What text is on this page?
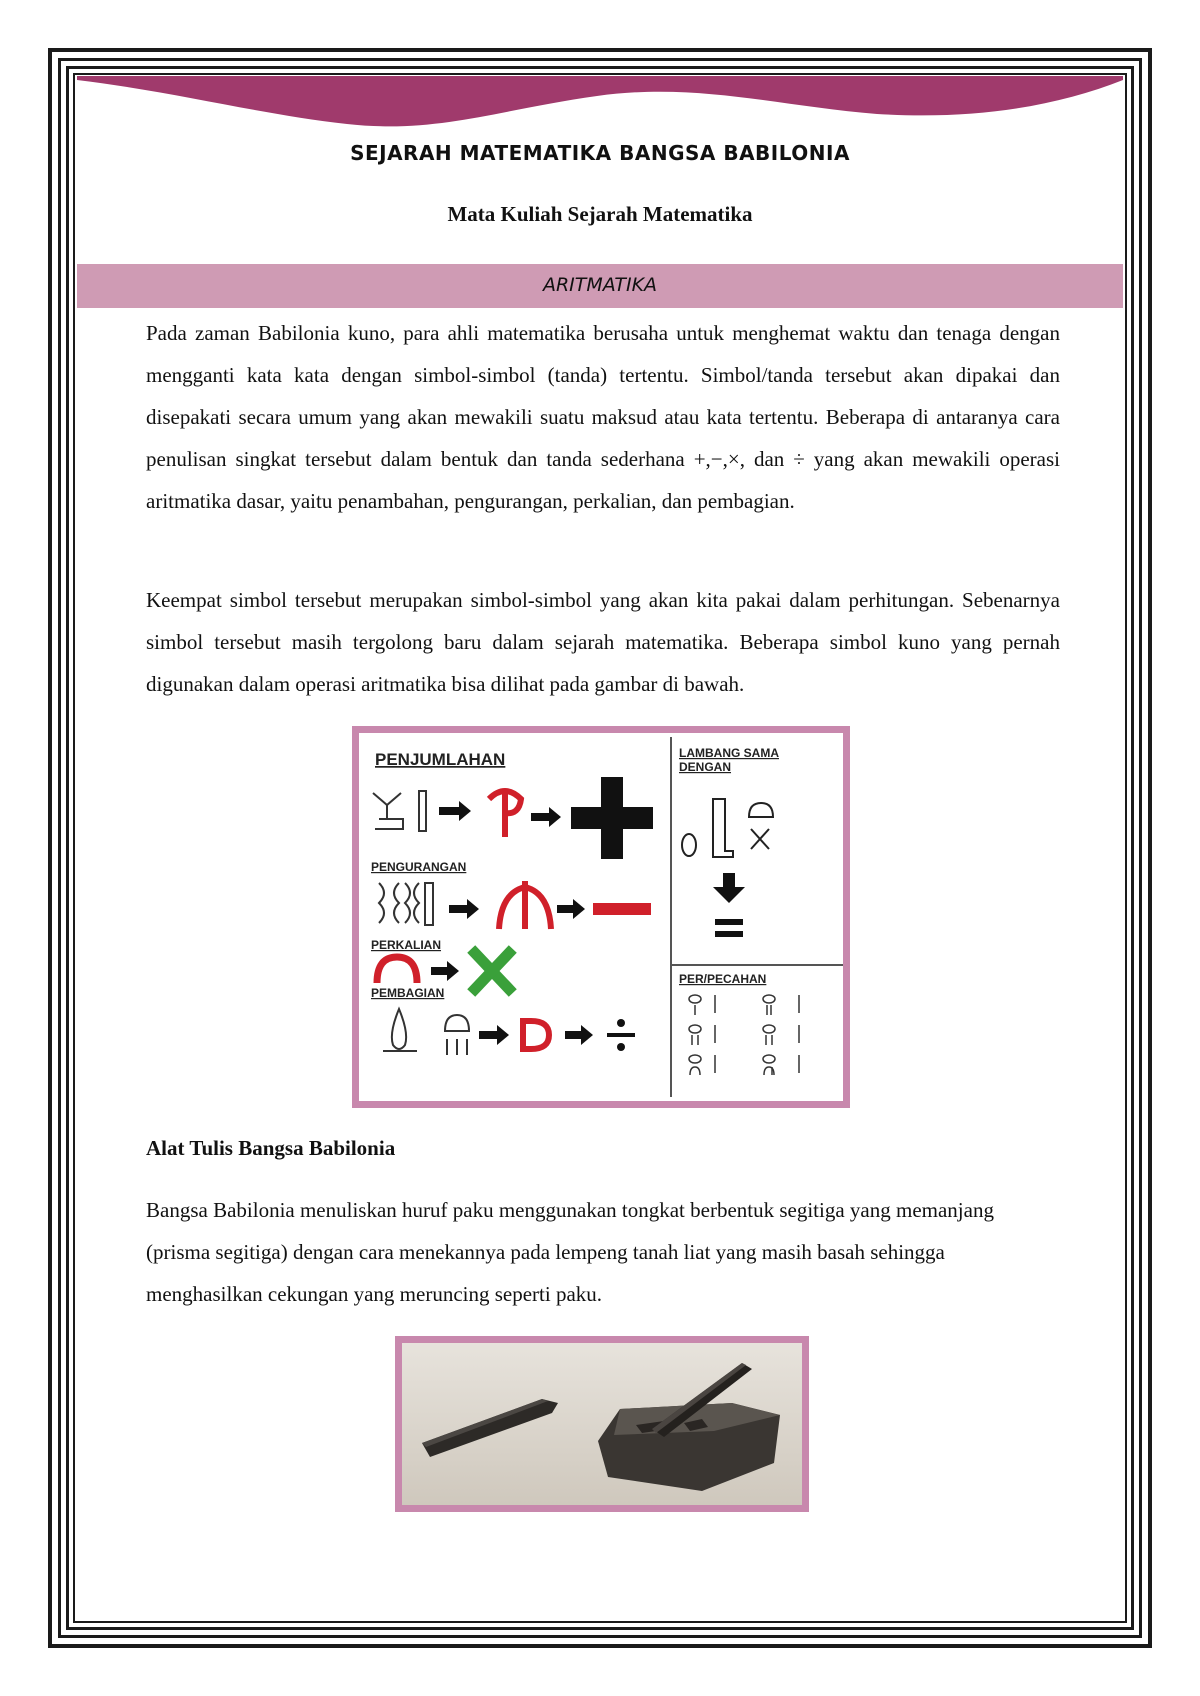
SEJARAH MATEMATIKA BANGSA BABILONIA
Mata Kuliah Sejarah Matematika
ARITMATIKA

Pada zaman Babilonia kuno, para ahli matematika berusaha untuk menghemat waktu dan tenaga dengan mengganti kata kata dengan simbol-simbol (tanda) tertentu. Simbol/tanda tersebut akan dipakai dan disepakati secara umum yang akan mewakili suatu maksud atau kata tertentu. Beberapa di antaranya cara penulisan singkat tersebut dalam bentuk dan tanda sederhana +,−,×, dan ÷ yang akan mewakili operasi aritmatika dasar, yaitu penambahan, pengurangan, perkalian, dan pembagian.

Keempat simbol tersebut merupakan simbol-simbol yang akan kita pakai dalam perhitungan. Sebenarnya simbol tersebut masih tergolong baru dalam sejarah matematika. Beberapa simbol kuno yang pernah digunakan dalam operasi aritmatika bisa dilihat pada gambar di bawah.

PENJUMLAHAN
PENGURANGAN
PERKALIAN
PEMBAGIAN
LAMBANG SAMA
DENGAN
PER/PECAHAN
Alat Tulis Bangsa Babilonia

Bangsa Babilonia menuliskan huruf paku menggunakan tongkat berbentuk segitiga yang memanjang (prisma segitiga) dengan cara menekannya pada lempeng tanah liat yang masih basah sehingga menghasilkan cekungan yang meruncing seperti paku.
